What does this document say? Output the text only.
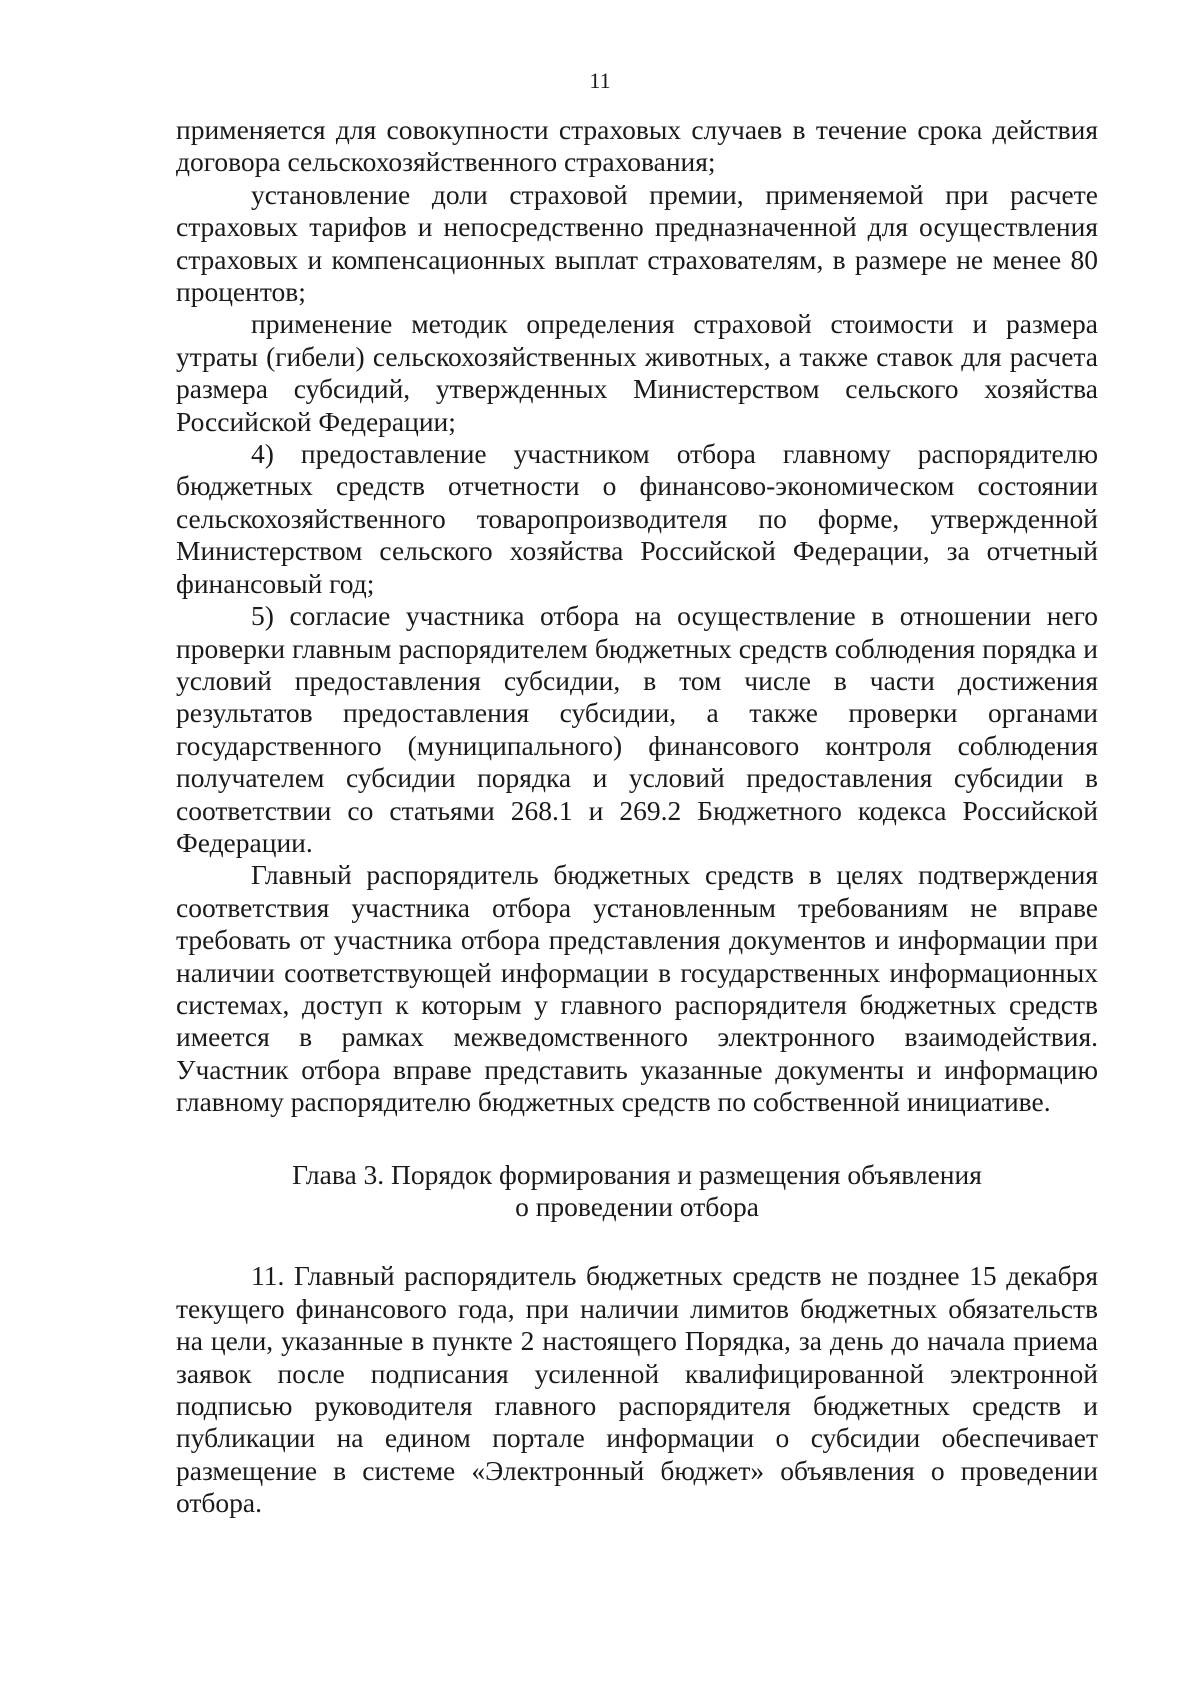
11

применяется для совокупности страховых случаев в течение срока действия договора сельскохозяйственного страхования;

установление доли страховой премии, применяемой при расчете страховых тарифов и непосредственно предназначенной для осуществления страховых и компенсационных выплат страхователям, в размере не менее 80 процентов;

применение методик определения страховой стоимости и размера утраты (гибели) сельскохозяйственных животных, а также ставок для расчета размера субсидий, утвержденных Министерством сельского хозяйства Российской Федерации;

4) предоставление участником отбора главному распорядителю бюджетных средств отчетности о финансово-экономическом состоянии сельскохозяйственного товаропроизводителя по форме, утвержденной Министерством сельского хозяйства Российской Федерации, за отчетный финансовый год;

5) согласие участника отбора на осуществление в отношении него проверки главным распорядителем бюджетных средств соблюдения порядка и условий предоставления субсидии, в том числе в части достижения результатов предоставления субсидии, а также проверки органами государственного (муниципального) финансового контроля соблюдения получателем субсидии порядка и условий предоставления субсидии в соответствии со статьями 268.1 и 269.2 Бюджетного кодекса Российской Федерации.

Главный распорядитель бюджетных средств в целях подтверждения соответствия участника отбора установленным требованиям не вправе требовать от участника отбора представления документов и информации при наличии соответствующей информации в государственных информационных системах, доступ к которым у главного распорядителя бюджетных средств имеется в рамках межведомственного электронного взаимодействия. Участник отбора вправе представить указанные документы и информацию главному распорядителю бюджетных средств по собственной инициативе.

Глава 3. Порядок формирования и размещения объявления
о проведении отбора

11. Главный распорядитель бюджетных средств не позднее 15 декабря текущего финансового года, при наличии лимитов бюджетных обязательств на цели, указанные в пункте 2 настоящего Порядка, за день до начала приема заявок после подписания усиленной квалифицированной электронной подписью руководителя главного распорядителя бюджетных средств и публикации на едином портале информации о субсидии обеспечивает размещение в системе «Электронный бюджет» объявления о проведении отбора.
